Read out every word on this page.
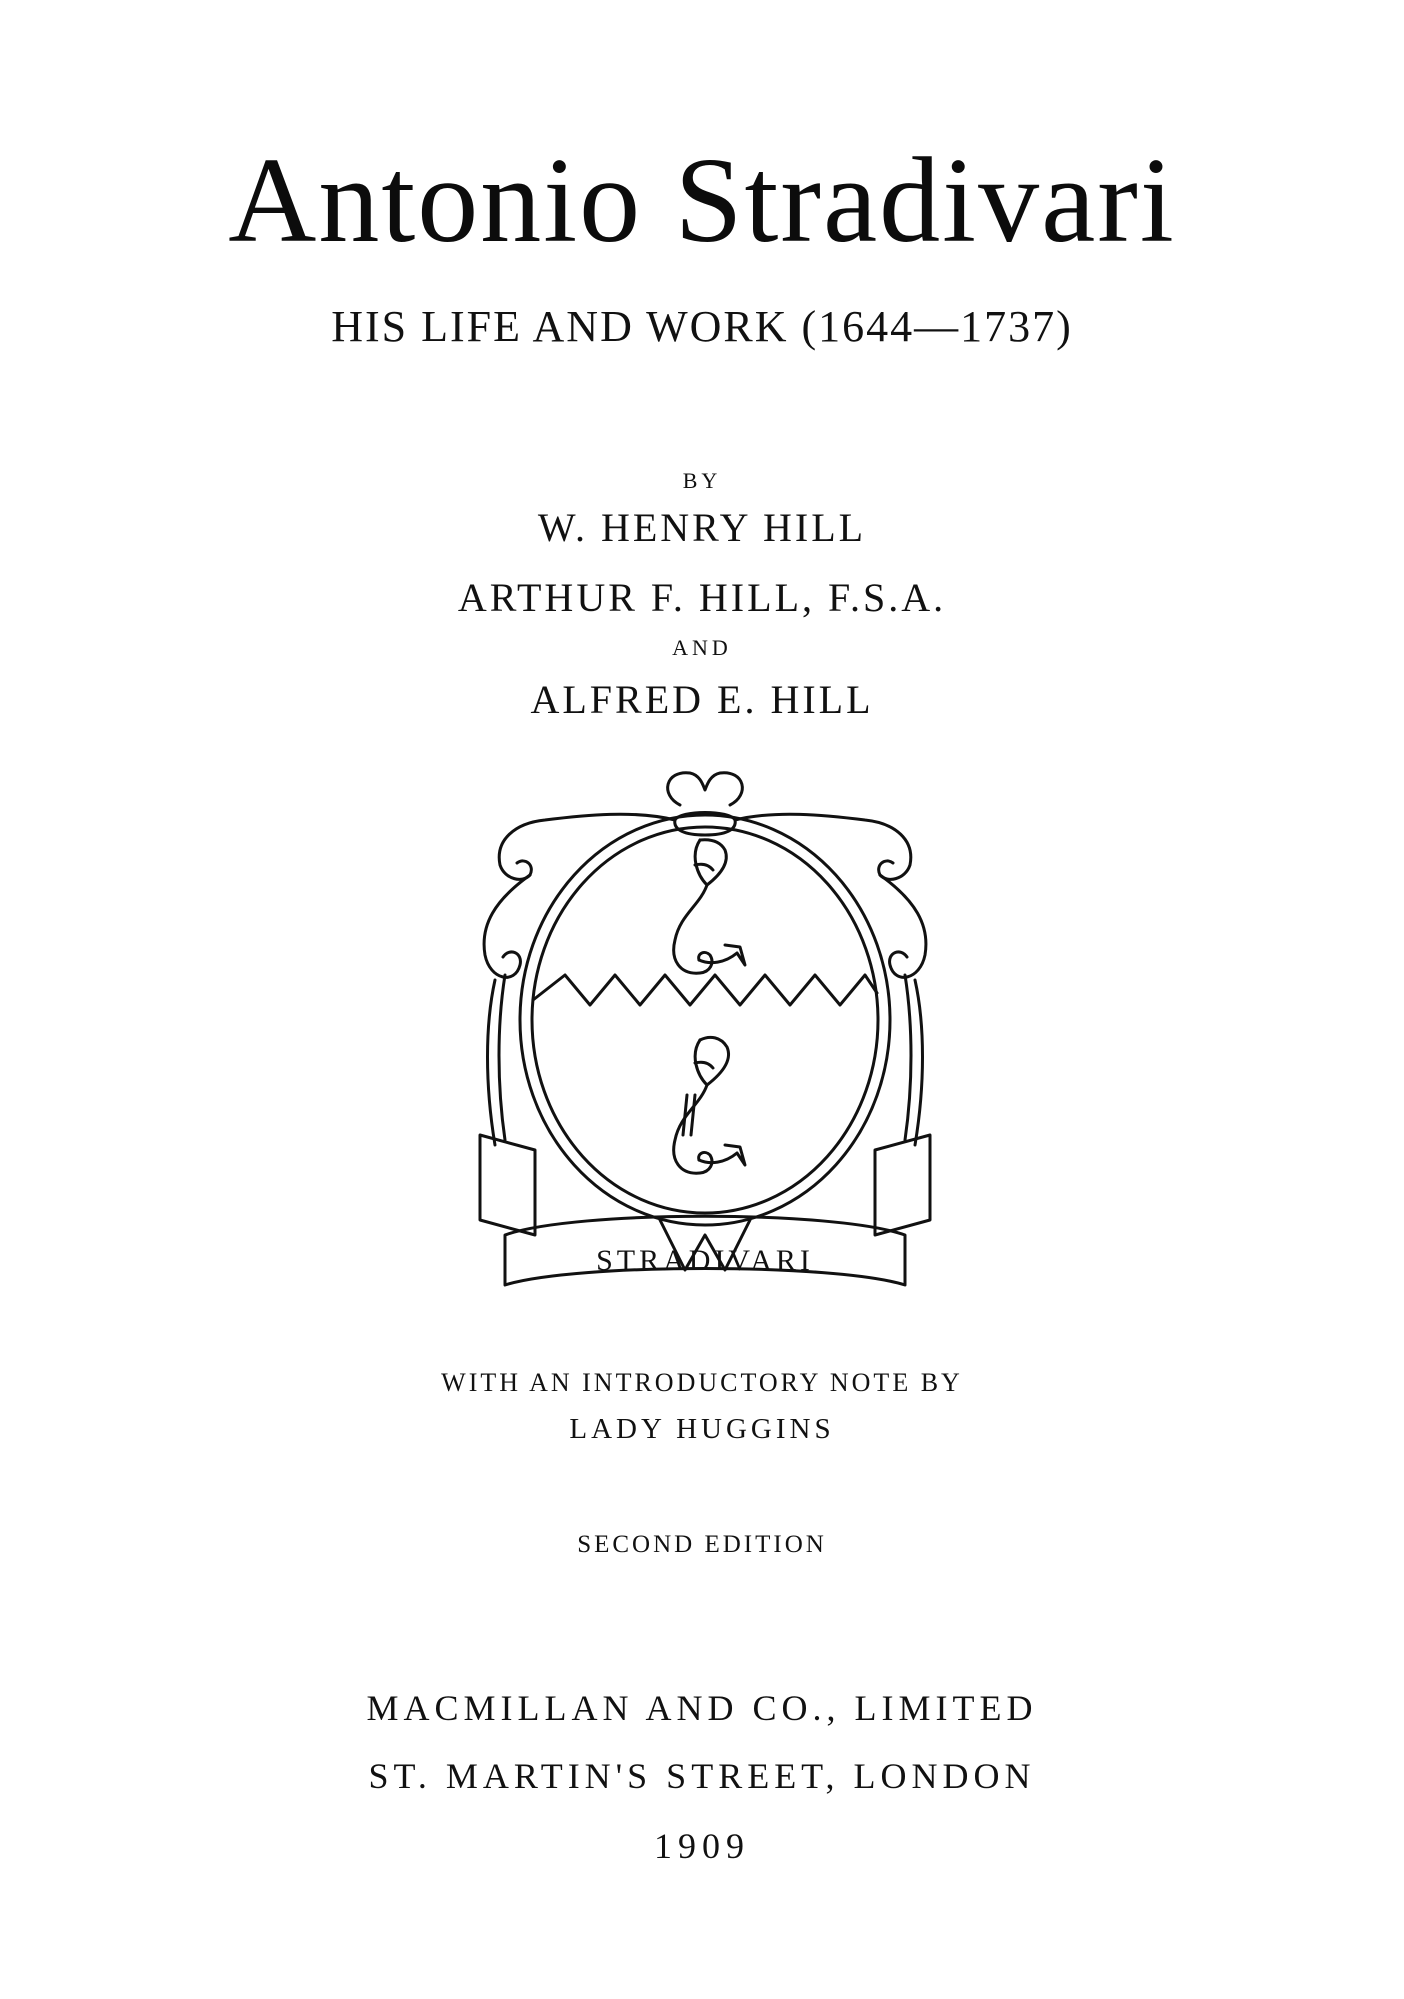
Antonio Stradivari
HIS LIFE AND WORK (1644—1737)
BY
W. HENRY HILL
ARTHUR F. HILL, F.S.A.
AND
ALFRED E. HILL
STRADIVARI
WITH AN INTRODUCTORY NOTE BY
LADY HUGGINS
SECOND EDITION
MACMILLAN AND CO., LIMITED
ST. MARTIN'S STREET, LONDON
1909
